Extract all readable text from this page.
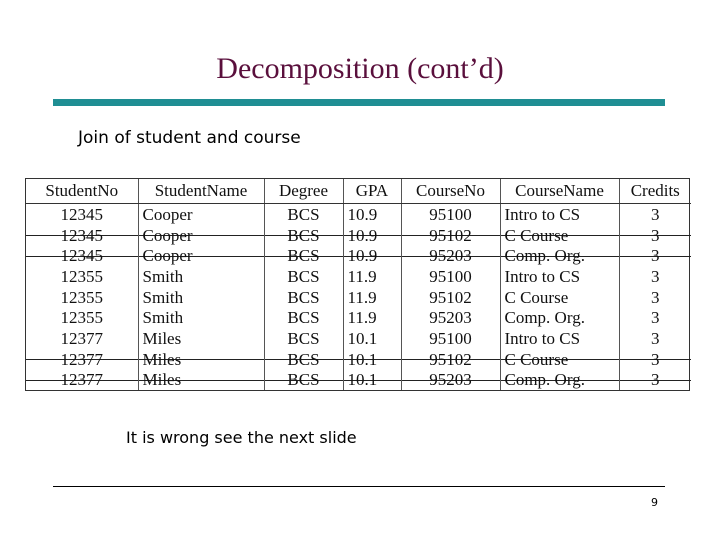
Decomposition (cont’d)
Join of student and course
StudentNo	StudentName	Degree	GPA	CourseNo	CourseName	Credits
12345	Cooper	BCS	10.9	95100	Intro to CS	3
12345	Cooper	BCS	10.9	95102	C Course	3
12345	Cooper	BCS	10.9	95203	Comp. Org.	3
12355	Smith	BCS	11.9	95100	Intro to CS	3
12355	Smith	BCS	11.9	95102	C Course	3
12355	Smith	BCS	11.9	95203	Comp. Org.	3
12377	Miles	BCS	10.1	95100	Intro to CS	3
12377	Miles	BCS	10.1	95102	C Course	3
12377	Miles	BCS	10.1	95203	Comp. Org.	3
It is wrong see the next slide
9
